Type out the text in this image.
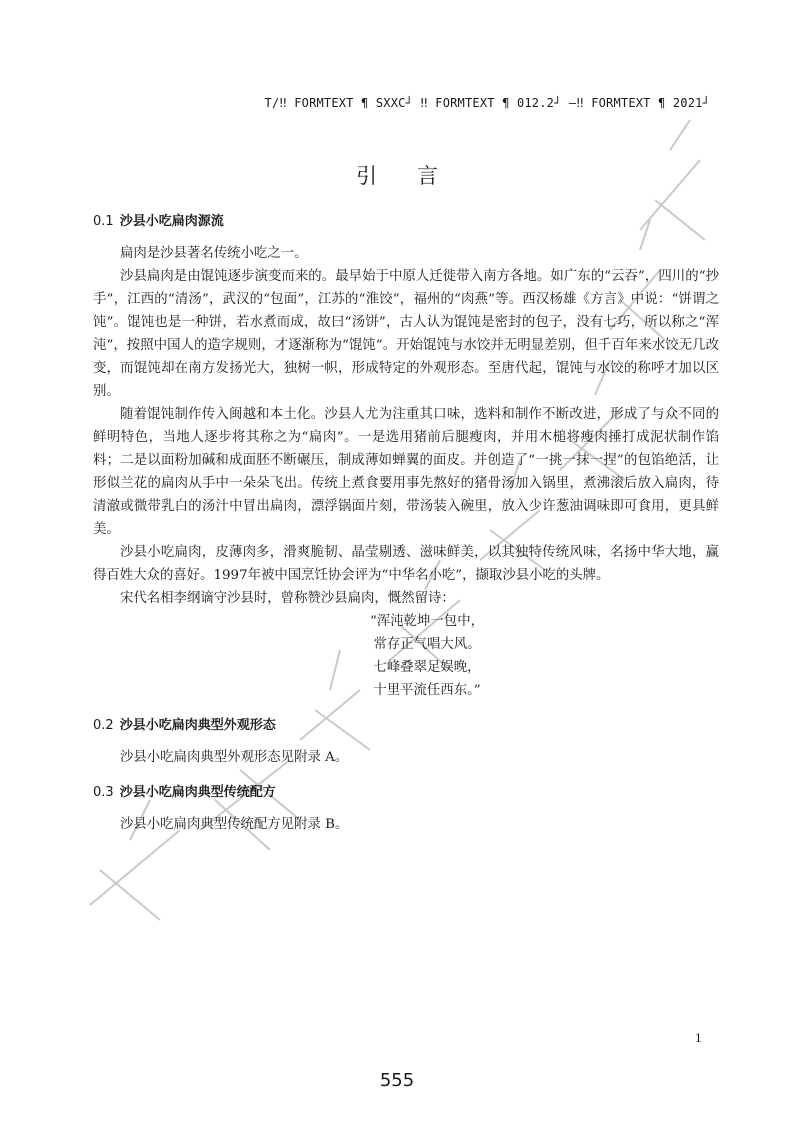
T/‼ FORMTEXT ¶ SXXC┘ ‼ FORMTEXT ¶ 012.2┘ —‼ FORMTEXT ¶ 2021┘
引言

0.1 沙县小吃扁肉源流

扁肉是沙县著名传统小吃之一。

沙县扁肉是由馄饨逐步演变而来的。最早始于中原人迁徙带入南方各地。如广东的“云吞”，四川的“抄手”，江西的“清汤”，武汉的“包面”，江苏的“淮饺”，福州的“肉燕”等。西汉杨雄《方言》中说：“饼谓之饨”。馄饨也是一种饼，若水煮而成，故曰“汤饼”，古人认为馄饨是密封的包子，没有七巧，所以称之“浑沌”，按照中国人的造字规则，才逐渐称为“馄饨”。开始馄饨与水饺并无明显差别，但千百年来水饺无几改变，而馄饨却在南方发扬光大，独树一帜，形成特定的外观形态。至唐代起，馄饨与水饺的称呼才加以区别。

随着馄饨制作传入闽越和本土化。沙县人尤为注重其口味，选料和制作不断改进，形成了与众不同的鲜明特色，当地人逐步将其称之为“扁肉”。一是选用猪前后腿瘦肉，并用木槌将瘦肉捶打成泥状制作馅料；二是以面粉加碱和成面胚不断碾压，制成薄如蝉翼的面皮。并创造了“一挑一抹一捏”的包馅绝活，让形似兰花的扁肉从手中一朵朵飞出。传统上煮食要用事先熬好的猪骨汤加入锅里，煮沸滚后放入扁肉，待清澈或微带乳白的汤汁中冒出扁肉，漂浮锅面片刻，带汤装入碗里，放入少许葱油调味即可食用，更具鲜美。

沙县小吃扁肉，皮薄肉多，滑爽脆韧、晶莹剔透、滋味鲜美，以其独特传统风味，名扬中华大地，赢得百姓大众的喜好。1997年被中国烹饪协会评为“中华名小吃”，撷取沙县小吃的头牌。

宋代名相李纲谪守沙县时，曾称赞沙县扁肉，慨然留诗：

“浑沌乾坤一包中，

常存正气唱大风。

七峰叠翠足娱晚，

十里平流任西东。”

0.2 沙县小吃扁肉典型外观形态

沙县小吃扁肉典型外观形态见附录 A。

0.3 沙县小吃扁肉典型传统配方

沙县小吃扁肉典型传统配方见附录 B。

1
555
